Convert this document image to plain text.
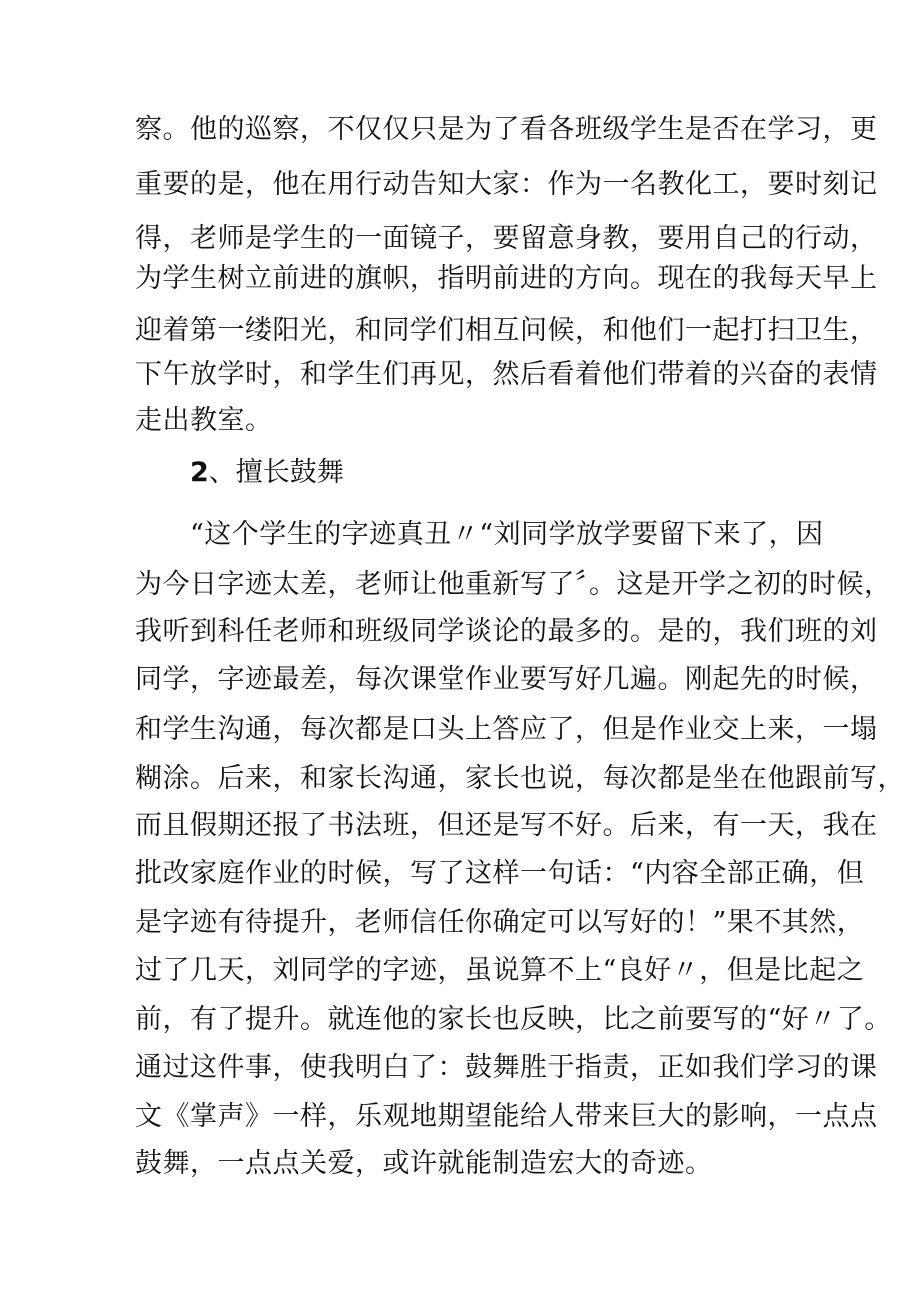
察。他的巡察，不仅仅只是为了看各班级学生是否在学习，更
重要的是，他在用行动告知大家：作为一名教化工，要时刻记
得，老师是学生的一面镜子，要留意身教，要用自己的行动，
为学生树立前进的旗帜，指明前进的方向。现在的我每天早上
迎着第一缕阳光，和同学们相互问候，和他们一起打扫卫生，
下午放学时，和学生们再见，然后看着他们带着的兴奋的表情
走出教室。
2、擅长鼓舞
“这个学生的字迹真丑〃“刘同学放学要留下来了，因
为今日字迹太差，老师让他重新写了〞。这是开学之初的时候，
我听到科任老师和班级同学谈论的最多的。是的，我们班的刘
同学，字迹最差，每次课堂作业要写好几遍。刚起先的时候，
和学生沟通，每次都是口头上答应了，但是作业交上来，一塌
糊涂。后来，和家长沟通，家长也说，每次都是坐在他跟前写，
而且假期还报了书法班，但还是写不好。后来，有一天，我在
批改家庭作业的时候，写了这样一句话：“内容全部正确，但
是字迹有待提升，老师信任你确定可以写好的！”果不其然，
过了几天，刘同学的字迹，虽说算不上“良好〃，但是比起之
前，有了提升。就连他的家长也反映，比之前要写的“好〃了。
通过这件事，使我明白了：鼓舞胜于指责，正如我们学习的课
文《掌声》一样，乐观地期望能给人带来巨大的影响，一点点
鼓舞，一点点关爱，或许就能制造宏大的奇迹。
